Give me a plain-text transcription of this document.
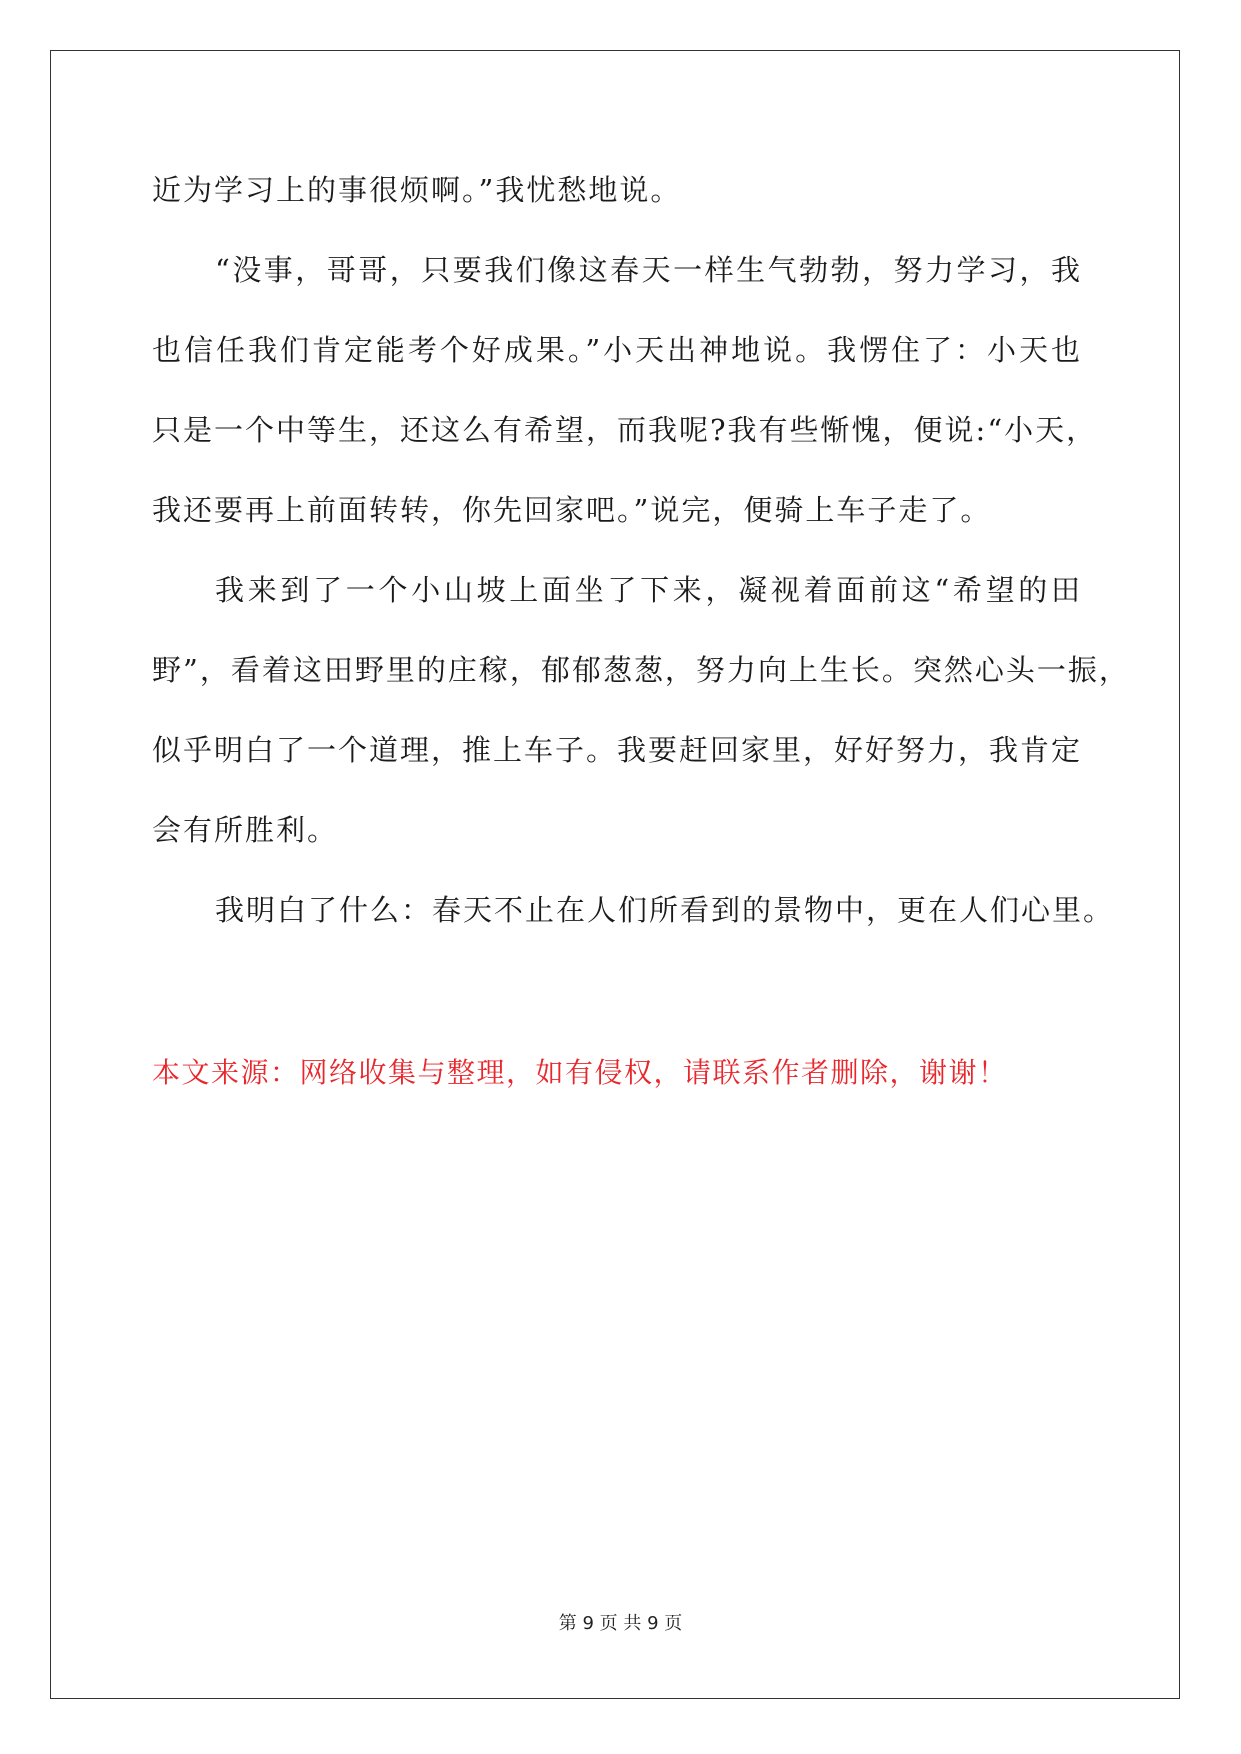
近为学习上的事很烦啊。”我忧愁地说。
“没事，哥哥，只要我们像这春天一样生气勃勃，努力学习，我
也信任我们肯定能考个好成果。”小天出神地说。我愣住了：小天也
只是一个中等生，还这么有希望，而我呢?我有些惭愧，便说:“小天，
我还要再上前面转转，你先回家吧。”说完，便骑上车子走了。
我来到了一个小山坡上面坐了下来，凝视着面前这“希望的田
野”，看着这田野里的庄稼，郁郁葱葱，努力向上生长。突然心头一振，
似乎明白了一个道理，推上车子。我要赶回家里，好好努力，我肯定
会有所胜利。
我明白了什么：春天不止在人们所看到的景物中，更在人们心里。
本文来源：网络收集与整理，如有侵权，请联系作者删除，谢谢！
第 9 页 共 9 页
